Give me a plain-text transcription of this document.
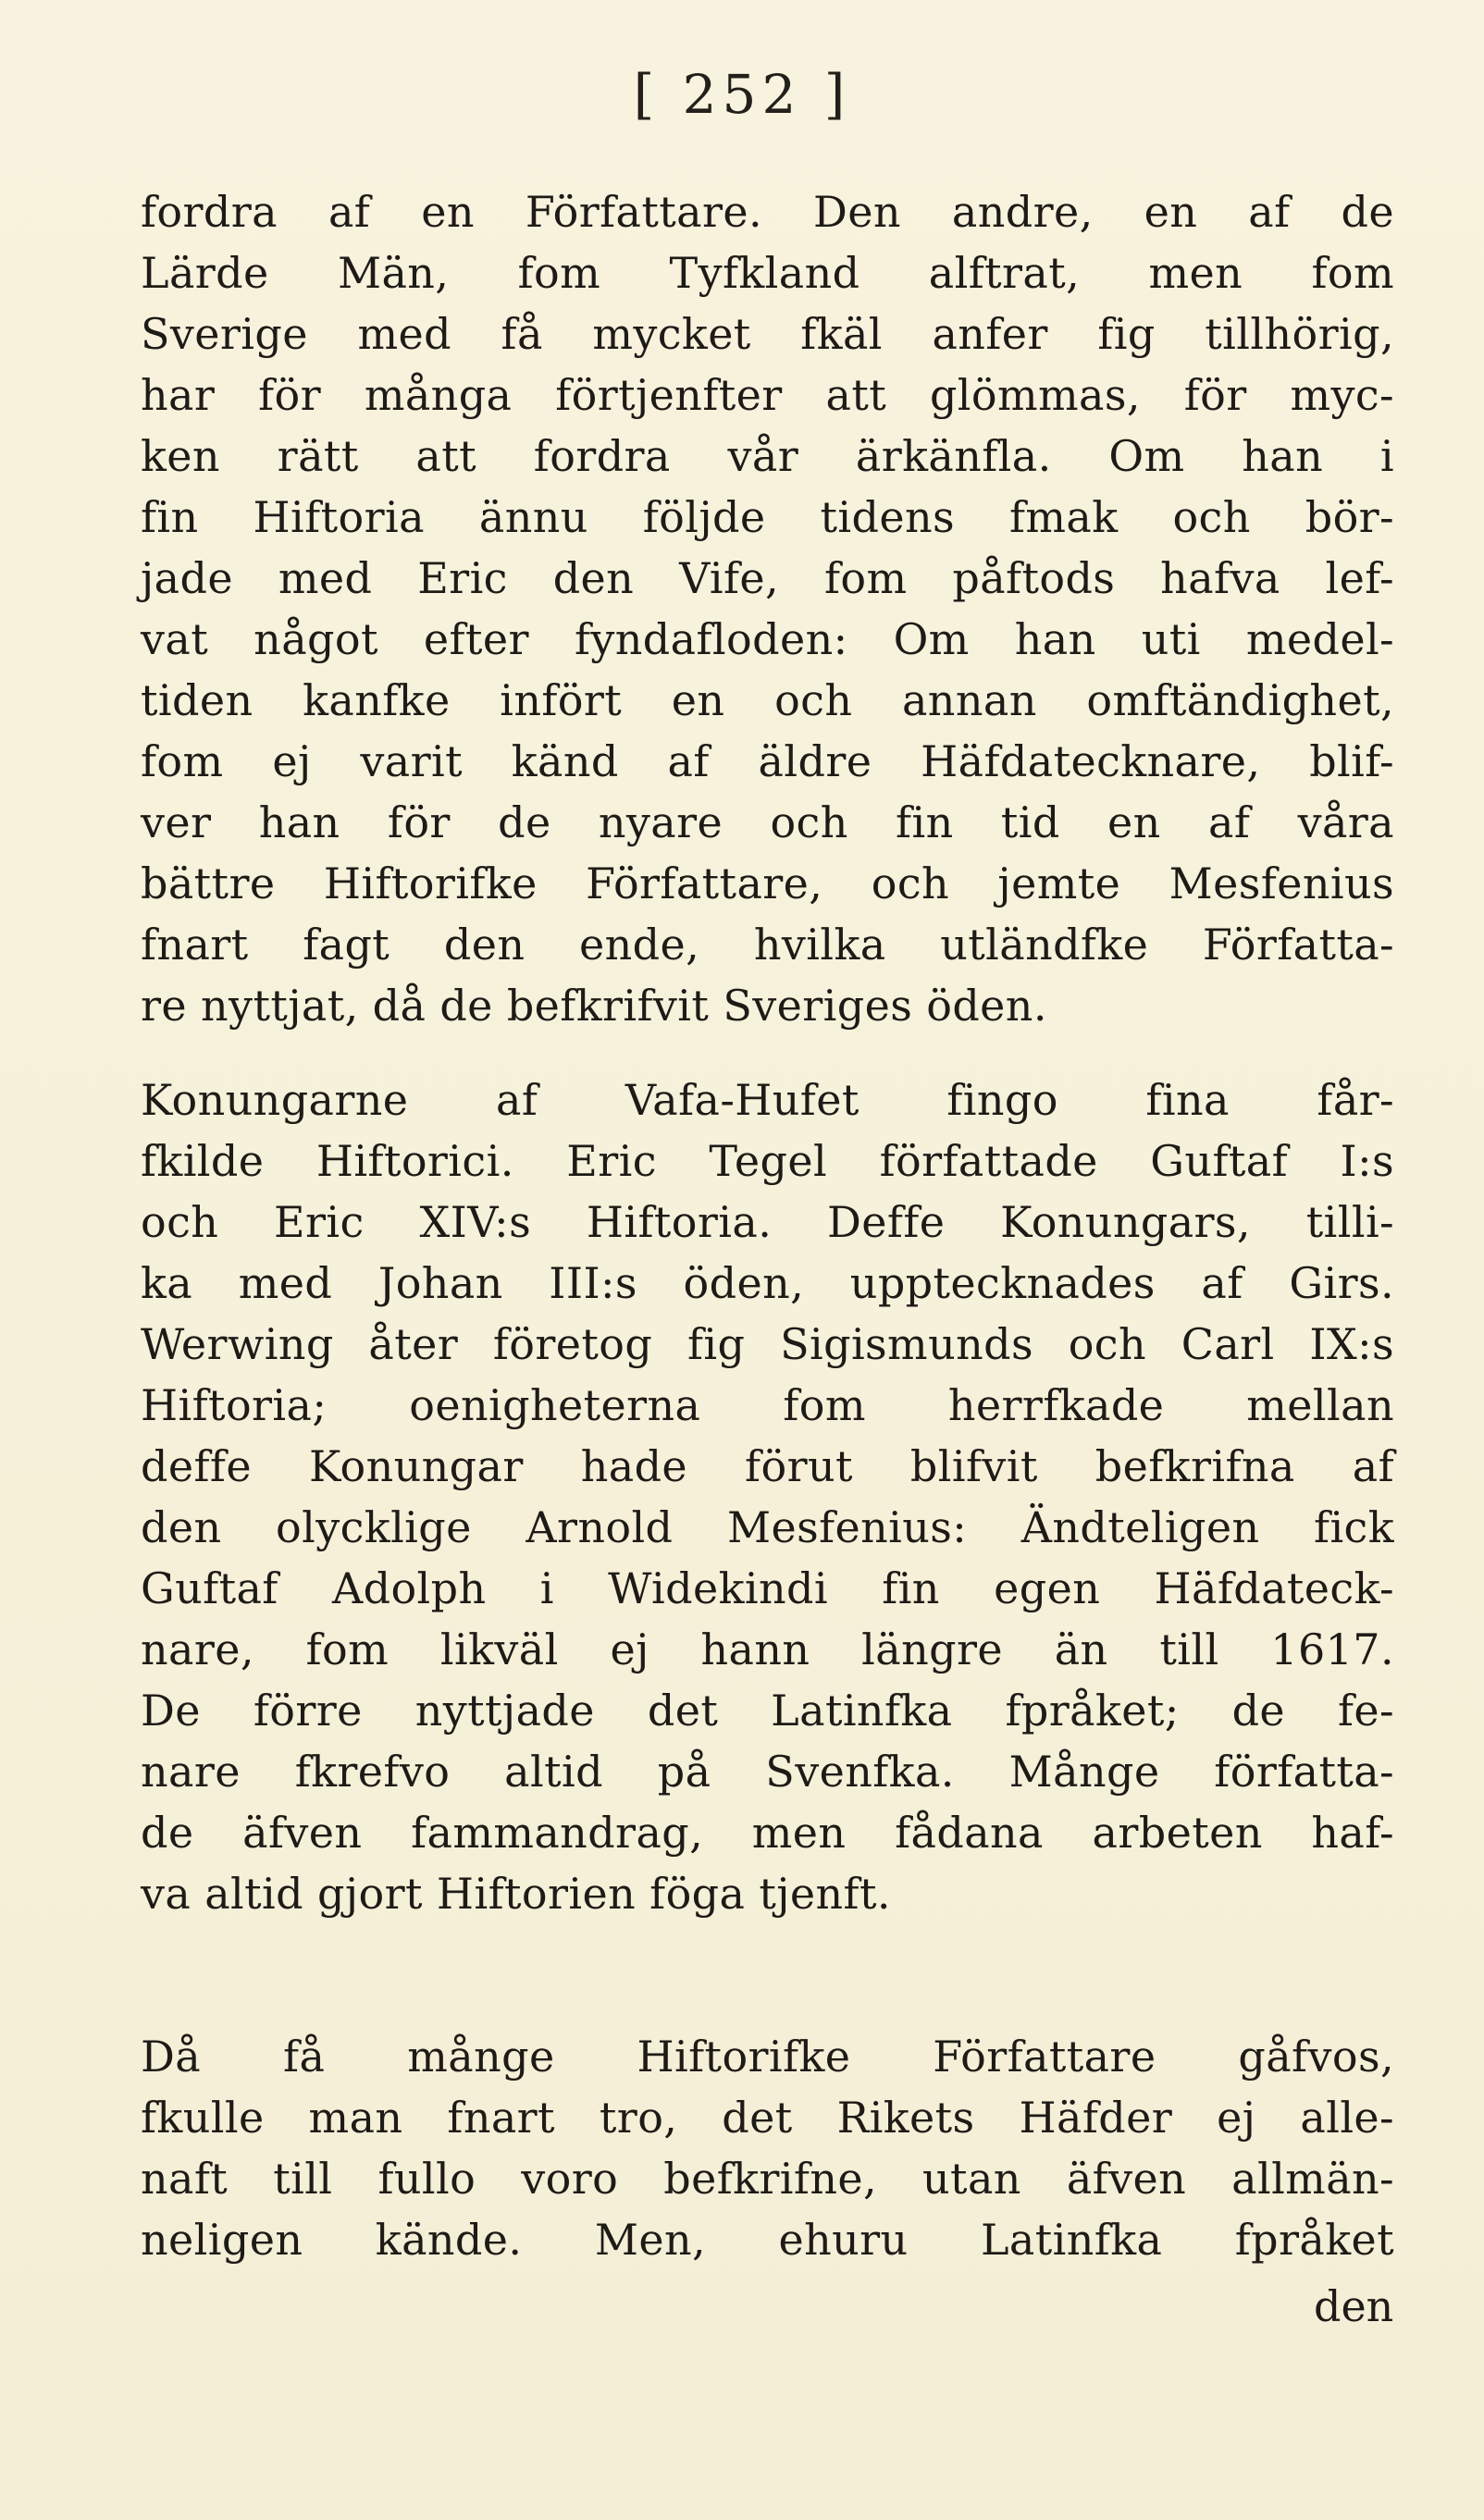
[ 252 ]
fordra af en Författare. Den andre, en af de
Lärde Män, fom Tyfkland alftrat, men fom
Sverige med få mycket fkäl anfer fig tillhörig,
har för många förtjenfter att glömmas, för myc-
ken rätt att fordra vår ärkänfla. Om han i
fin Hiftoria ännu följde tidens fmak och bör-
jade med Eric den Vife, fom påftods hafva lef-
vat något efter fyndafloden: Om han uti medel-
tiden kanfke infört en och annan omftändighet,
fom ej varit känd af äldre Häfdatecknare, blif-
ver han för de nyare och fin tid en af våra
bättre Hiftorifke Författare, och jemte Mesfenius
fnart fagt den ende, hvilka utländfke Författa-
re nyttjat, då de befkrifvit Sveriges öden.
Konungarne af Vafa-Hufet fingo fina får-
fkilde Hiftorici. Eric Tegel författade Guftaf I:s
och Eric XIV:s Hiftoria. Deffe Konungars, tilli-
ka med Johan III:s öden, upptecknades af Girs.
Werwing åter företog fig Sigismunds och Carl IX:s
Hiftoria; oenigheterna fom herrfkade mellan
deffe Konungar hade förut blifvit befkrifna af
den olycklige Arnold Mesfenius: Ändteligen fick
Guftaf Adolph i Widekindi fin egen Häfdateck-
nare, fom likväl ej hann längre än till 1617.
De förre nyttjade det Latinfka fpråket; de fe-
nare fkrefvo altid på Svenfka. Månge författa-
de äfven fammandrag, men fådana arbeten haf-
va altid gjort Hiftorien föga tjenft.
Då få månge Hiftorifke Författare gåfvos,
fkulle man fnart tro, det Rikets Häfder ej alle-
naft till fullo voro befkrifne, utan äfven allmän-
neligen kände. Men, ehuru Latinfka fpråket
den
